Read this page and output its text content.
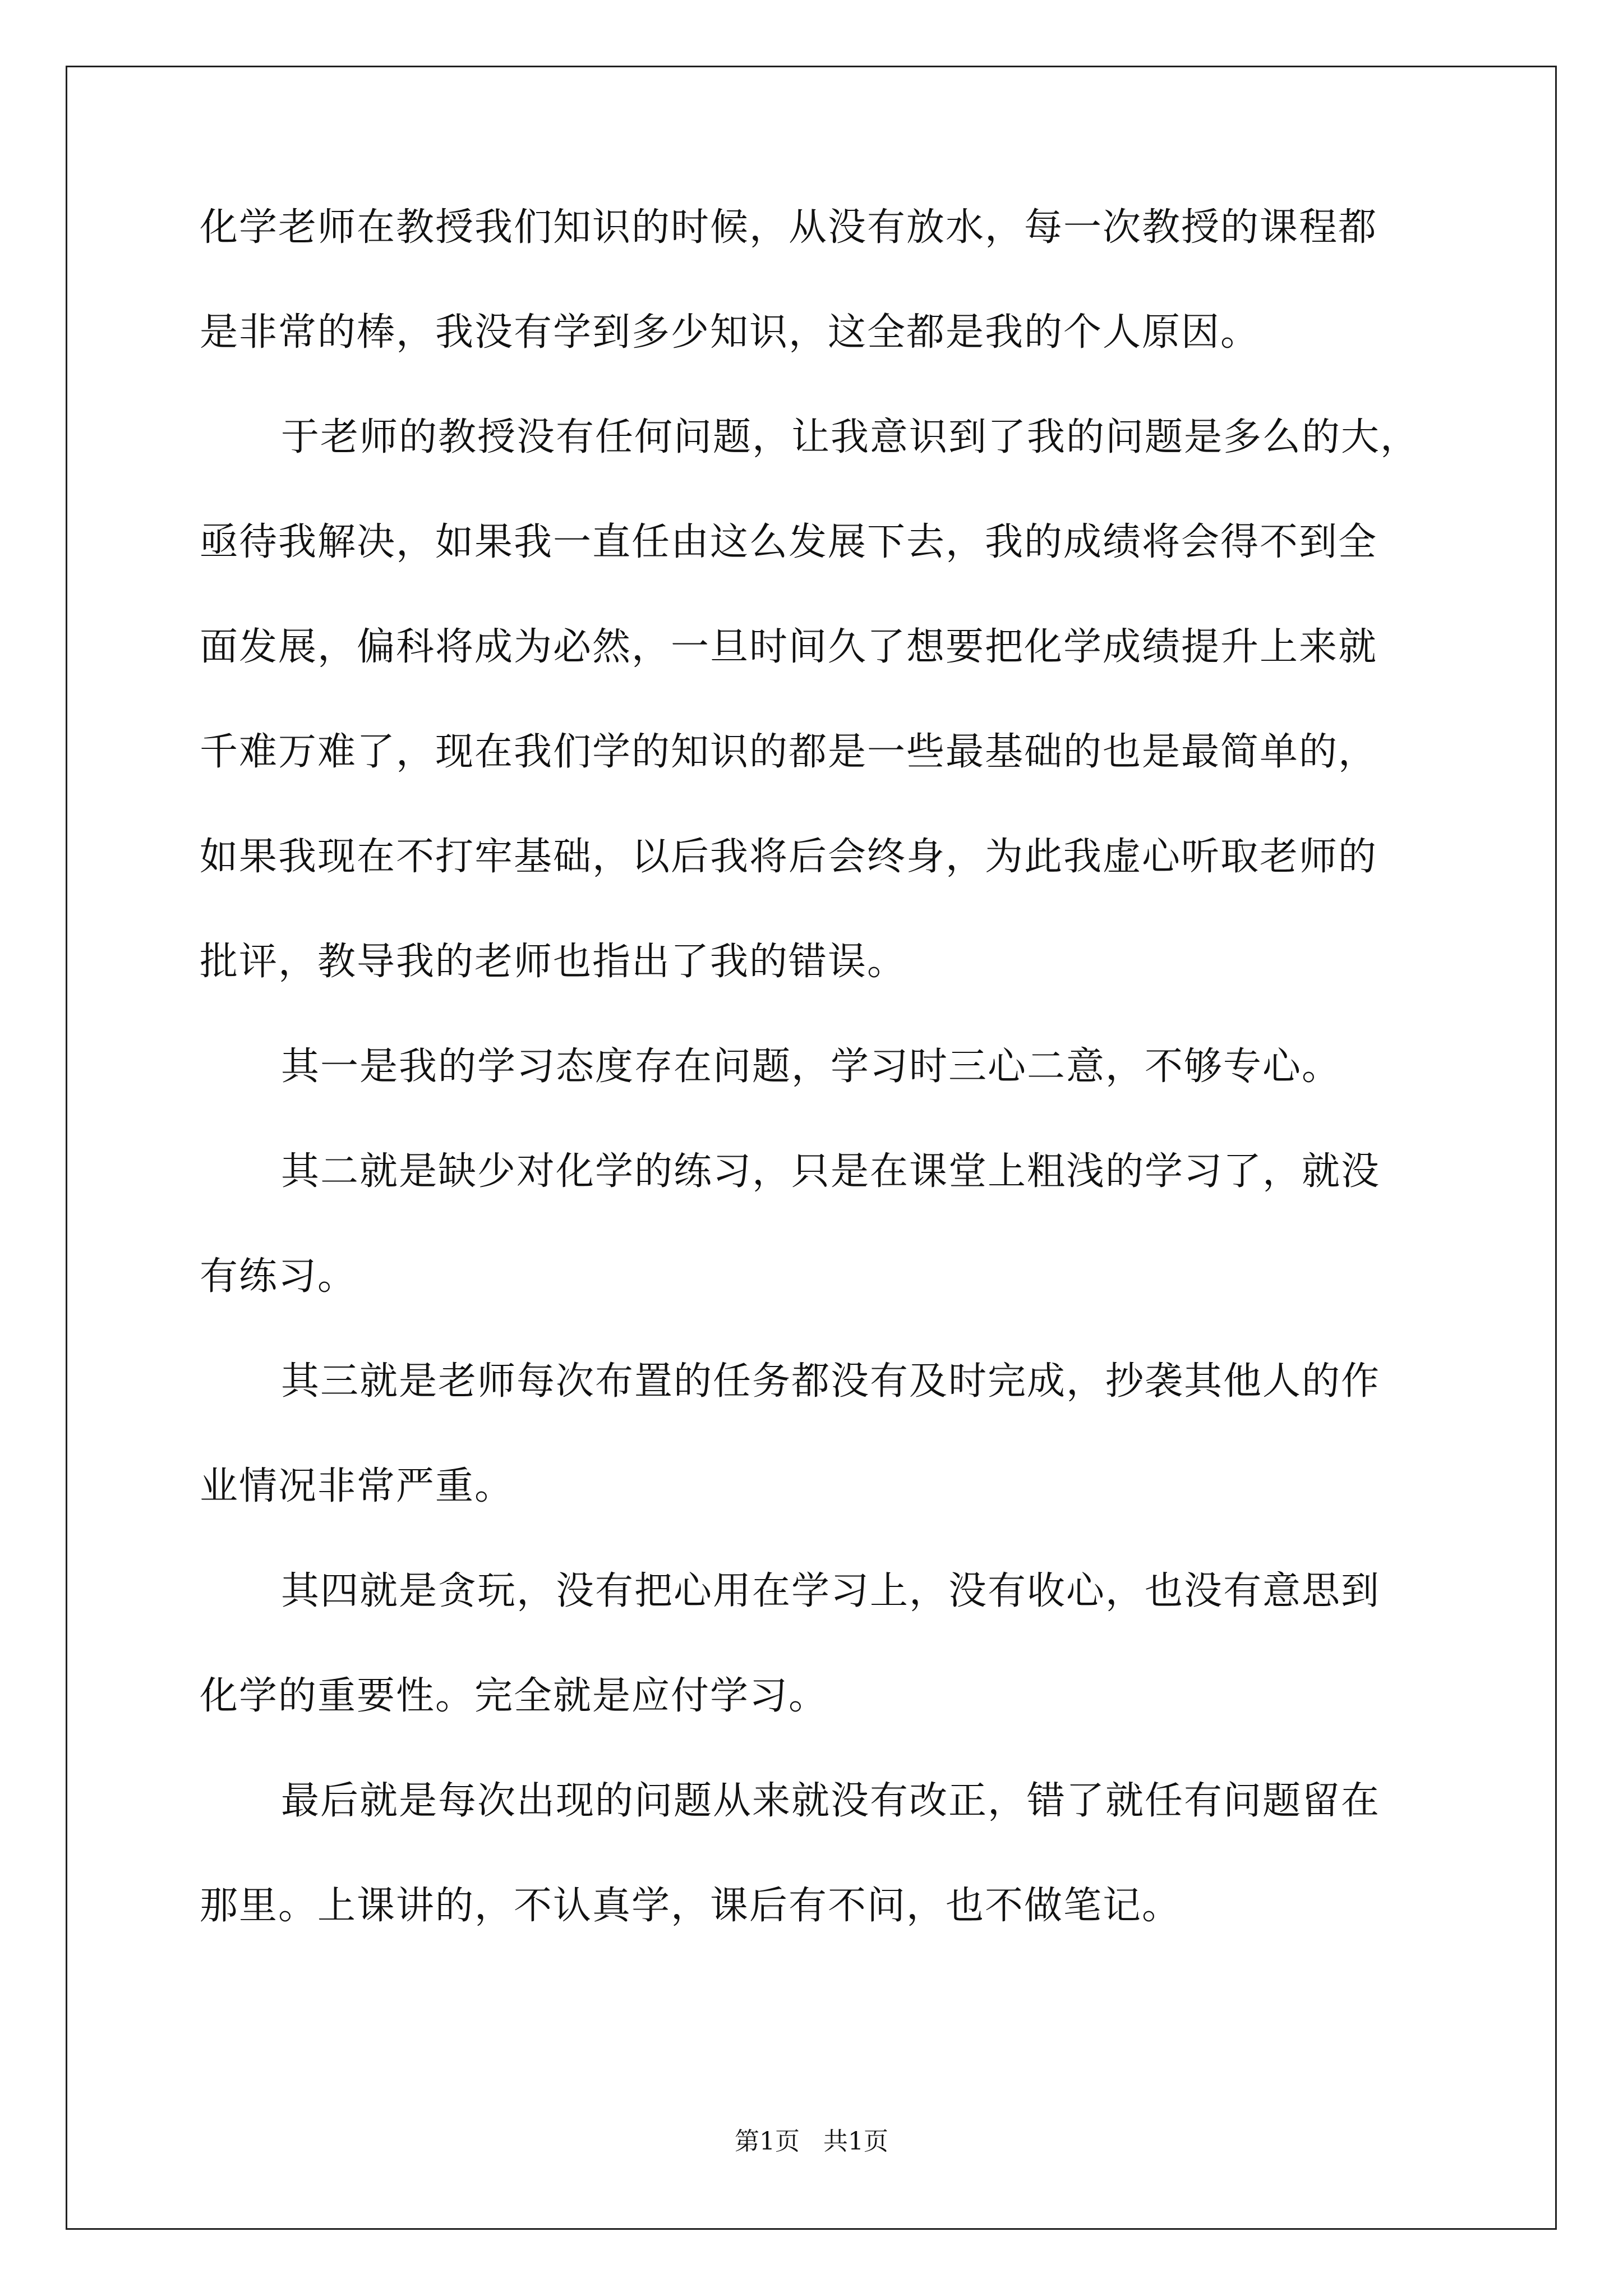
化学老师在教授我们知识的时候，从没有放水，每一次教授的课程都
是非常的棒，我没有学到多少知识，这全都是我的个人原因。
于老师的教授没有任何问题，让我意识到了我的问题是多么的大，
亟待我解决，如果我一直任由这么发展下去，我的成绩将会得不到全
面发展，偏科将成为必然，一旦时间久了想要把化学成绩提升上来就
千难万难了，现在我们学的知识的都是一些最基础的也是最简单的，
如果我现在不打牢基础，以后我将后会终身，为此我虚心听取老师的
批评，教导我的老师也指出了我的错误。
其一是我的学习态度存在问题，学习时三心二意，不够专心。
其二就是缺少对化学的练习，只是在课堂上粗浅的学习了，就没
有练习。
其三就是老师每次布置的任务都没有及时完成，抄袭其他人的作
业情况非常严重。
其四就是贪玩，没有把心用在学习上，没有收心，也没有意思到
化学的重要性。完全就是应付学习。
最后就是每次出现的问题从来就没有改正，错了就任有问题留在
那里。上课讲的，不认真学，课后有不问，也不做笔记。
第1页   共1页
